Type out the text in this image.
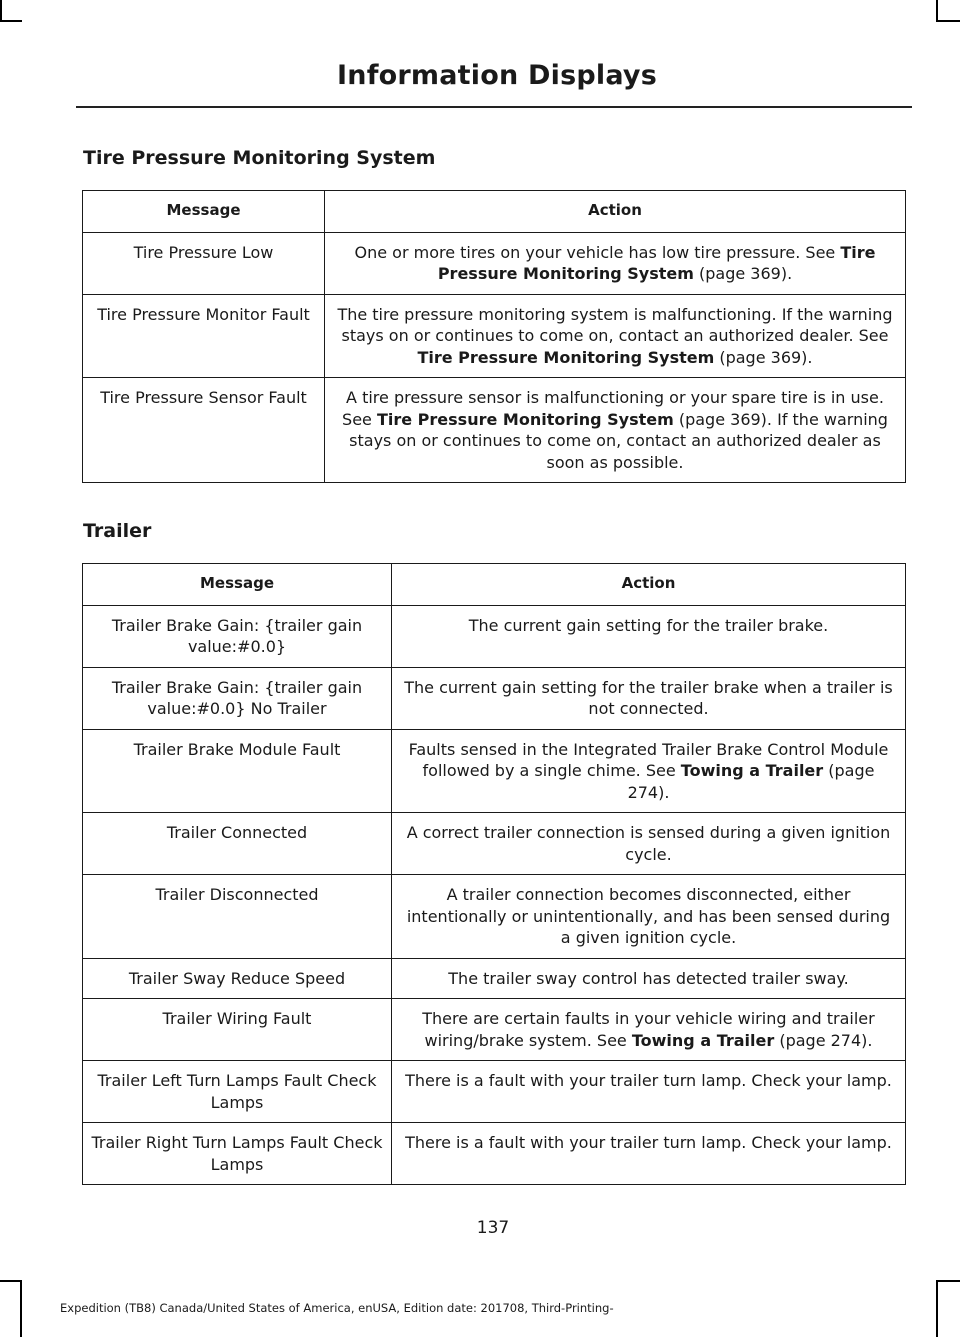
Information Displays
Tire Pressure Monitoring System
Message	Action
Tire Pressure Low	One or more tires on your vehicle has low tire pressure. See Tire Pressure Monitoring System (page 369).
Tire Pressure Monitor Fault	The tire pressure monitoring system is malfunctioning. If the warning stays on or continues to come on, contact an authorized dealer. See Tire Pressure Monitoring System (page 369).
Tire Pressure Sensor Fault	A tire pressure sensor is malfunctioning or your spare tire is in use. See Tire Pressure Monitoring System (page 369). If the warning stays on or continues to come on, contact an authorized dealer as soon as possible.
Trailer
Message	Action
Trailer Brake Gain: {trailer gain value:#0.0}	The current gain setting for the trailer brake.
Trailer Brake Gain: {trailer gain value:#0.0} No Trailer	The current gain setting for the trailer brake when a trailer is not connected.
Trailer Brake Module Fault	Faults sensed in the Integrated Trailer Brake Control Module followed by a single chime. See Towing a Trailer (page 274).
Trailer Connected	A correct trailer connection is sensed during a given ignition cycle.
Trailer Disconnected	A trailer connection becomes disconnected, either intentionally or unintentionally, and has been sensed during a given ignition cycle.
Trailer Sway Reduce Speed	The trailer sway control has detected trailer sway.
Trailer Wiring Fault	There are certain faults in your vehicle wiring and trailer wiring/brake system. See Towing a Trailer (page 274).
Trailer Left Turn Lamps Fault Check Lamps	There is a fault with your trailer turn lamp. Check your lamp.
Trailer Right Turn Lamps Fault Check Lamps	There is a fault with your trailer turn lamp. Check your lamp.
137
Expedition (TB8) Canada/United States of America, enUSA, Edition date: 201708, Third-Printing-
